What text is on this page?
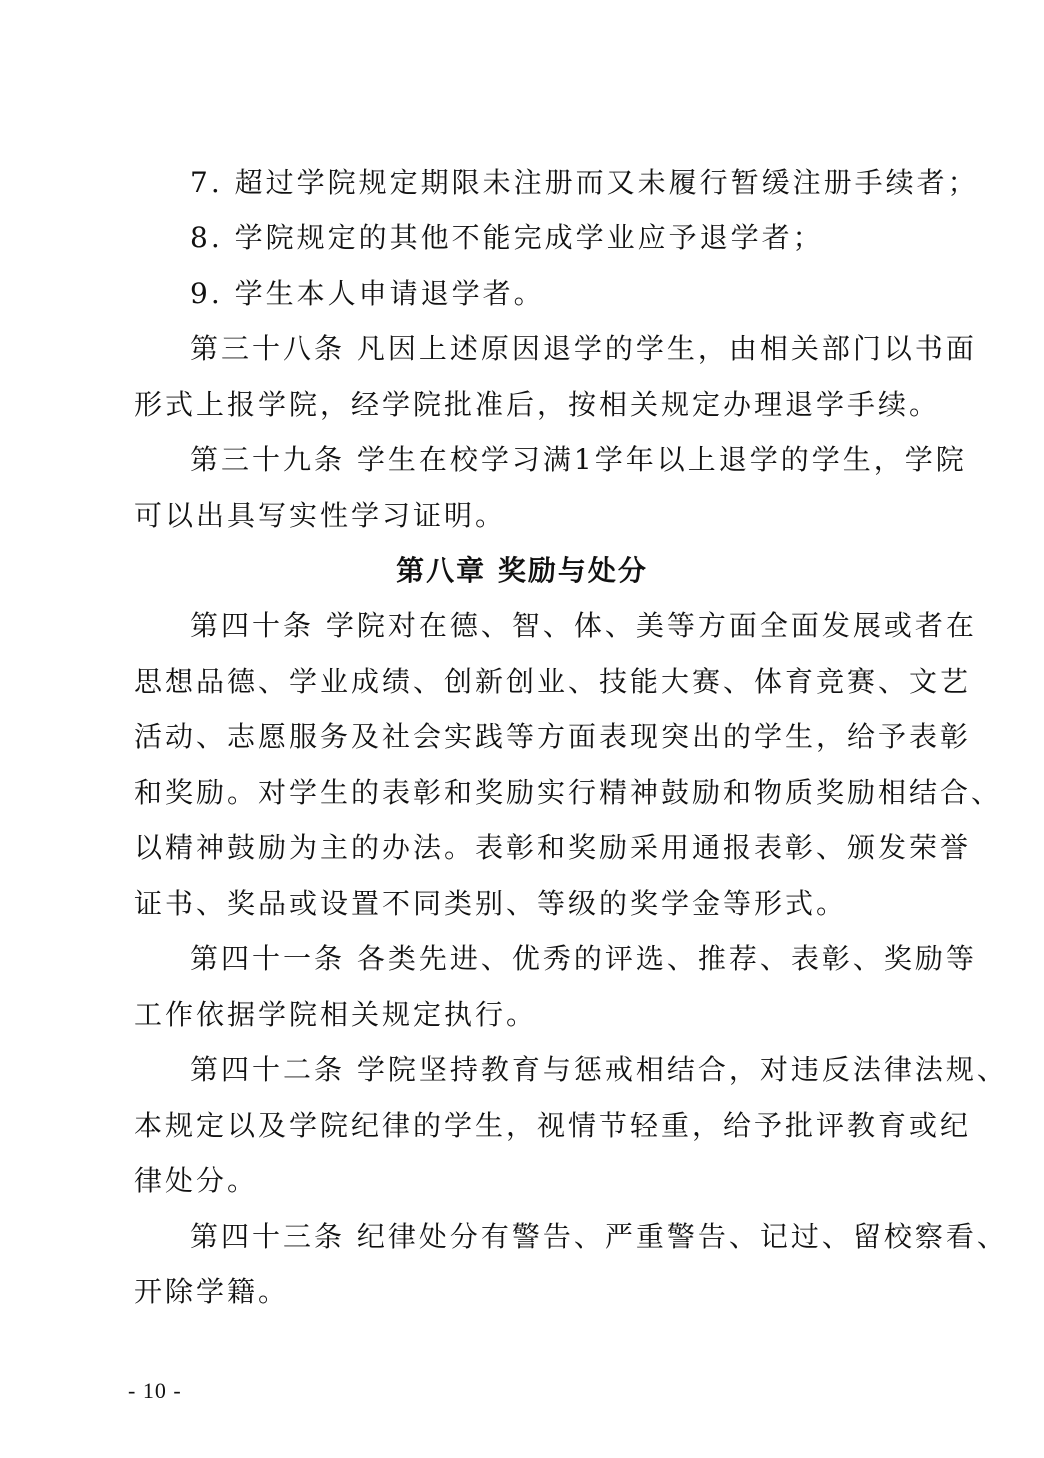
7. 超过学院规定期限未注册而又未履行暂缓注册手续者；
8. 学院规定的其他不能完成学业应予退学者；
9. 学生本人申请退学者。
第三十八条 凡因上述原因退学的学生，由相关部门以书面
形式上报学院，经学院批准后，按相关规定办理退学手续。
第三十九条 学生在校学习满1学年以上退学的学生，学院
可以出具写实性学习证明。
第八章 奖励与处分
第四十条 学院对在德、智、体、美等方面全面发展或者在
思想品德、学业成绩、创新创业、技能大赛、体育竞赛、文艺
活动、志愿服务及社会实践等方面表现突出的学生，给予表彰
和奖励。对学生的表彰和奖励实行精神鼓励和物质奖励相结合、
以精神鼓励为主的办法。表彰和奖励采用通报表彰、颁发荣誉
证书、奖品或设置不同类别、等级的奖学金等形式。
第四十一条 各类先进、优秀的评选、推荐、表彰、奖励等
工作依据学院相关规定执行。
第四十二条 学院坚持教育与惩戒相结合，对违反法律法规、
本规定以及学院纪律的学生，视情节轻重，给予批评教育或纪
律处分。
第四十三条 纪律处分有警告、严重警告、记过、留校察看、
开除学籍。
- 10 -
